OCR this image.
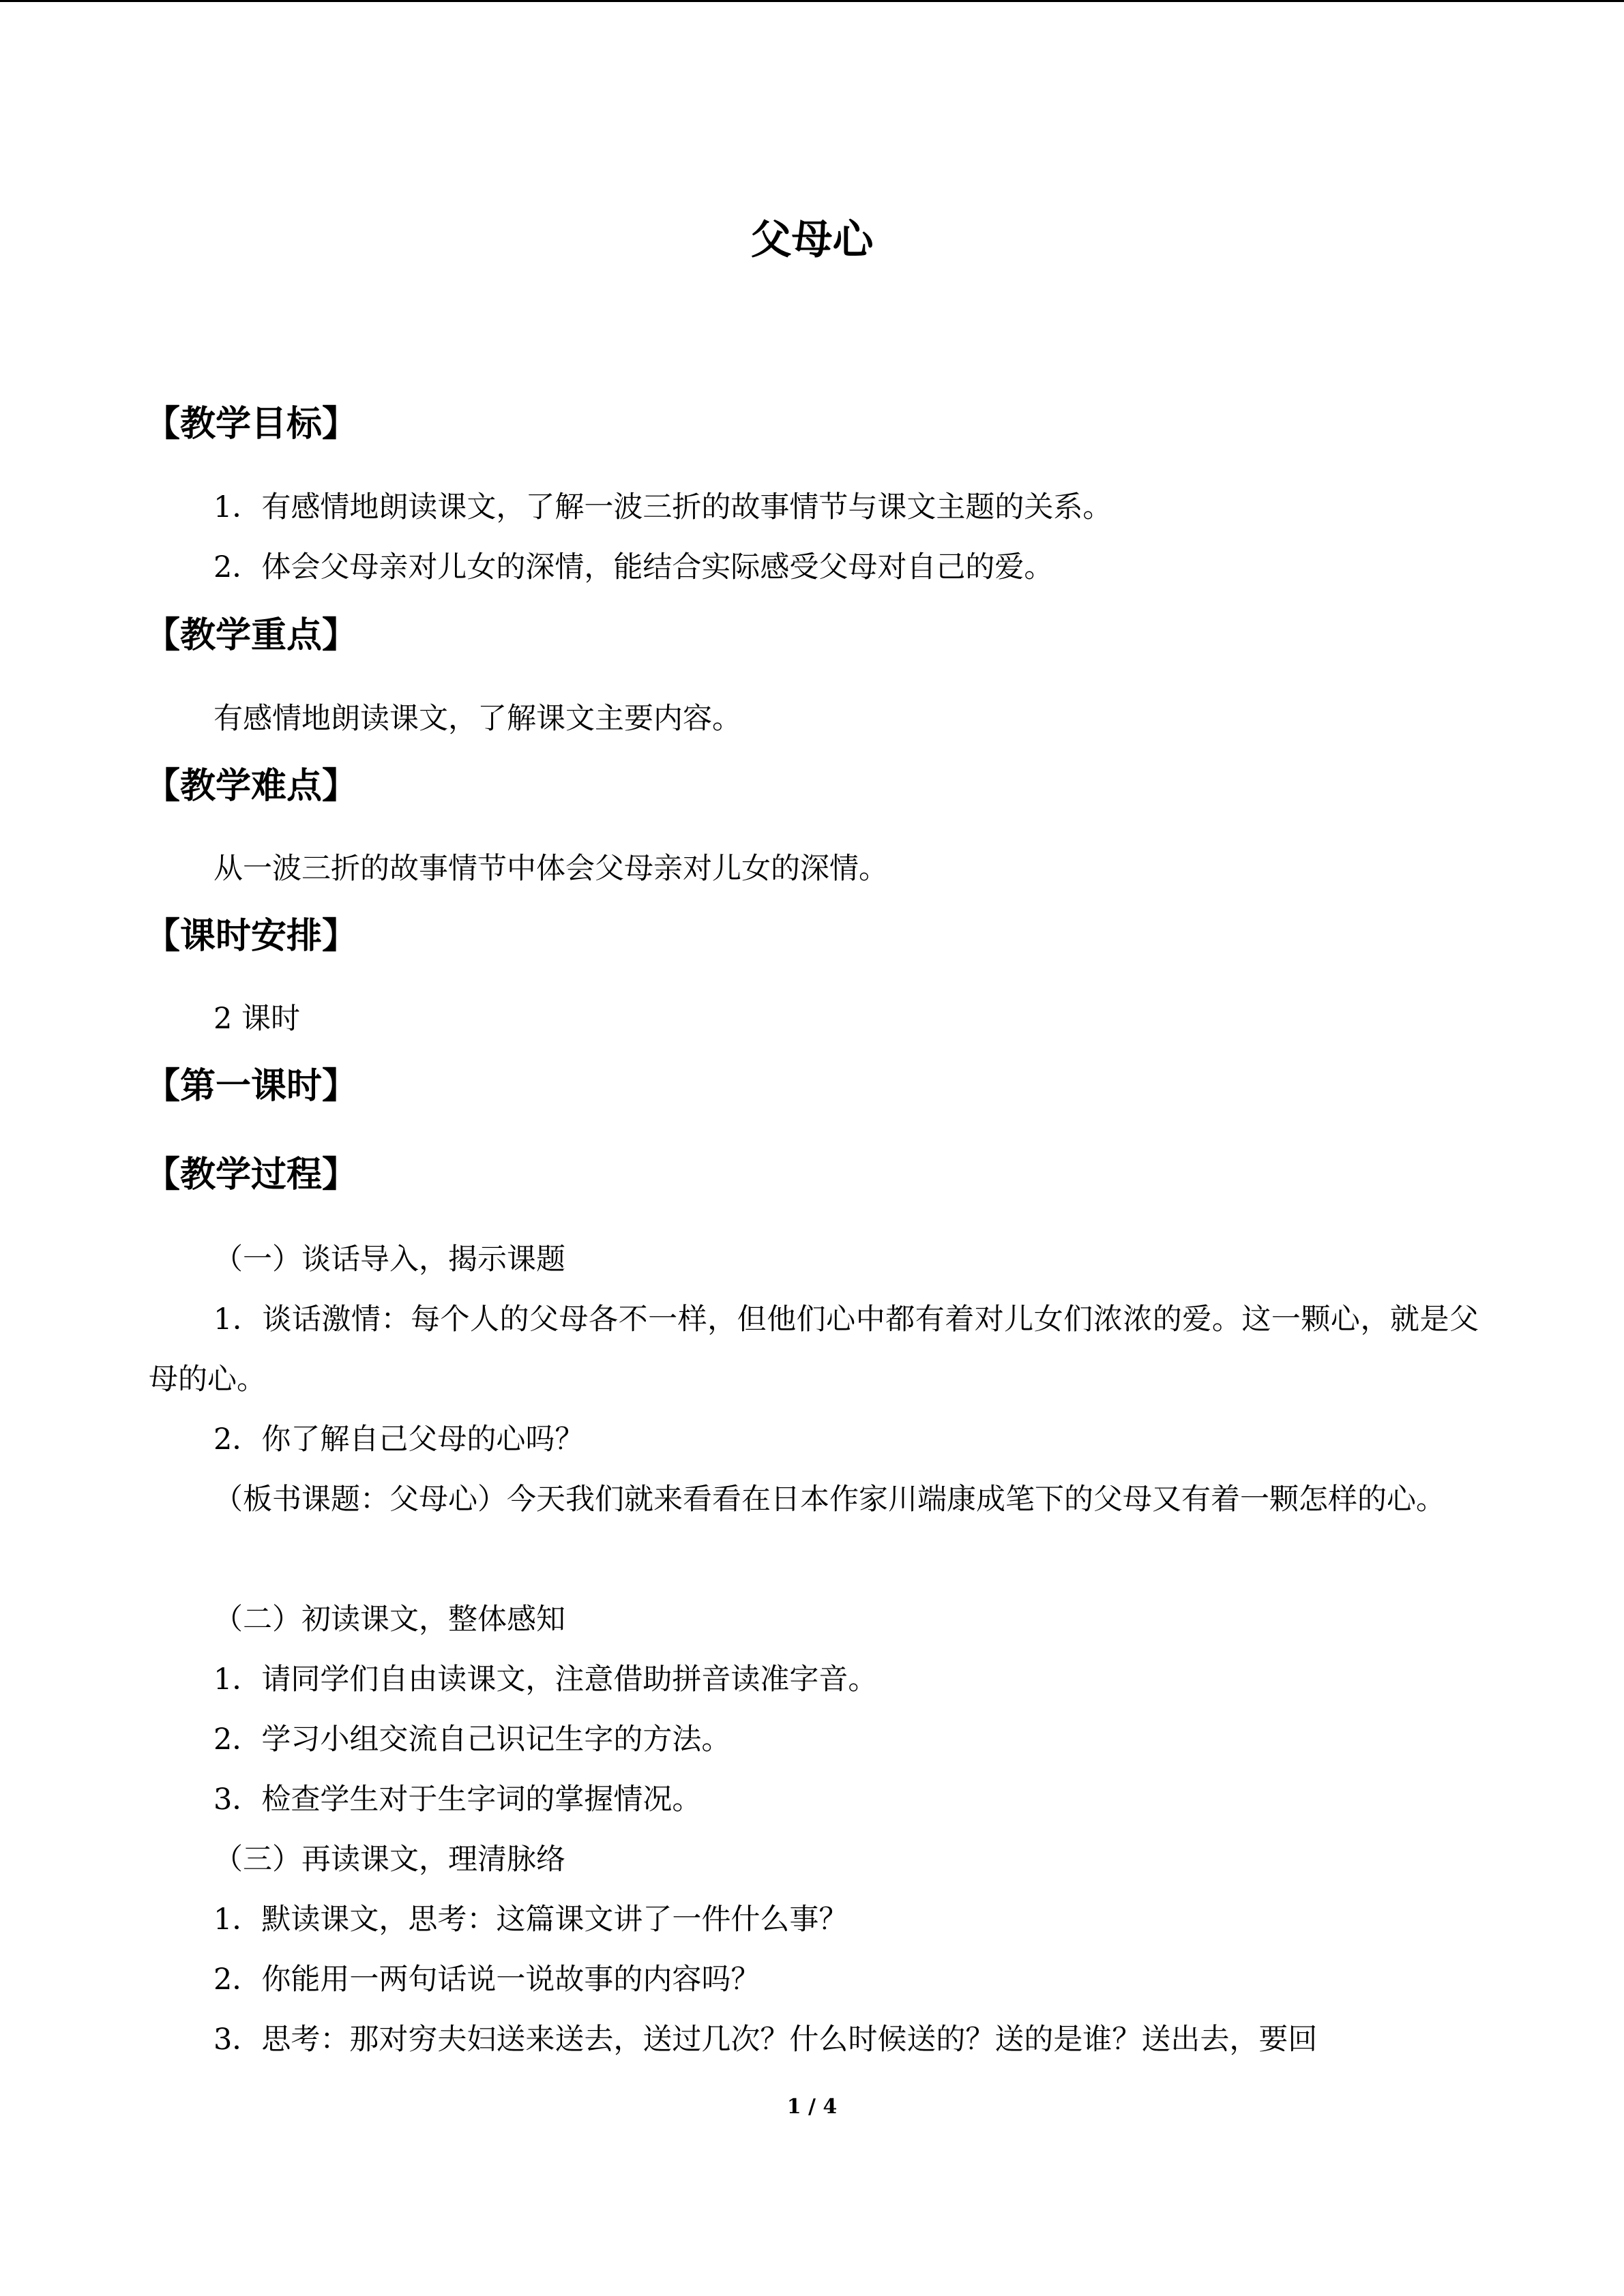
父母心
【教学目标】
1．有感情地朗读课文，了解一波三折的故事情节与课文主题的关系。
2．体会父母亲对儿女的深情，能结合实际感受父母对自己的爱。
【教学重点】
有感情地朗读课文，了解课文主要内容。
【教学难点】
从一波三折的故事情节中体会父母亲对儿女的深情。
【课时安排】
2 课时
【第一课时】
【教学过程】
（一）谈话导入，揭示课题
1．谈话激情：每个人的父母各不一样，但他们心中都有着对儿女们浓浓的爱。这一颗心，就是父母的心。
2．你了解自己父母的心吗？
（板书课题：父母心）今天我们就来看看在日本作家川端康成笔下的父母又有着一颗怎样的心。
（二）初读课文，整体感知
1．请同学们自由读课文，注意借助拼音读准字音。
2．学习小组交流自己识记生字的方法。
3．检查学生对于生字词的掌握情况。
（三）再读课文，理清脉络
1．默读课文，思考：这篇课文讲了一件什么事？
2．你能用一两句话说一说故事的内容吗？
3．思考：那对穷夫妇送来送去，送过几次？什么时候送的？送的是谁？送出去，要回
1 / 4
